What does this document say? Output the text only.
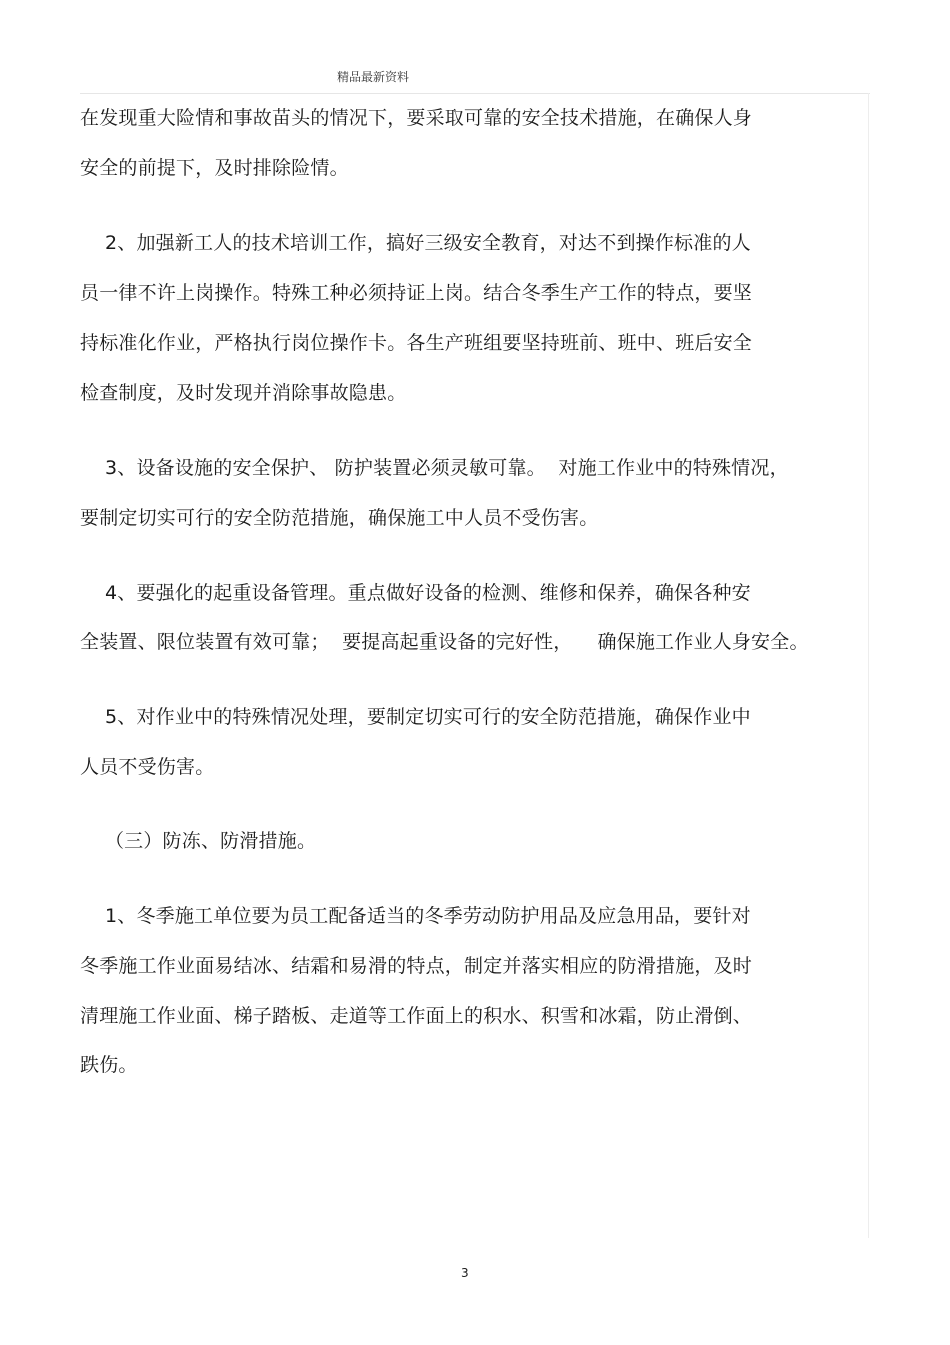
精品最新资料
在发现重大险情和事故苗头的情况下，要采取可靠的安全技术措施，在确保人身
安全的前提下，及时排除险情。
2、加强新工人的技术培训工作，搞好三级安全教育，对达不到操作标准的人
员一律不许上岗操作。特殊工种必须持证上岗。结合冬季生产工作的特点，要坚
持标准化作业，严格执行岗位操作卡。各生产班组要坚持班前、班中、班后安全
检查制度，及时发现并消除事故隐患。
3、设备设施的安全保护、 防护装置必须灵敏可靠。  对施工作业中的特殊情况，
要制定切实可行的安全防范措施，确保施工中人员不受伤害。
4、要强化的起重设备管理。重点做好设备的检测、维修和保养，确保各种安
全装置、限位装置有效可靠；  要提高起重设备的完好性，    确保施工作业人身安全。
5、对作业中的特殊情况处理，要制定切实可行的安全防范措施，确保作业中
人员不受伤害。
（三）防冻、防滑措施。
1、冬季施工单位要为员工配备适当的冬季劳动防护用品及应急用品，要针对
冬季施工作业面易结冰、结霜和易滑的特点，制定并落实相应的防滑措施，及时
清理施工作业面、梯子踏板、走道等工作面上的积水、积雪和冰霜，防止滑倒、
跌伤。
3
